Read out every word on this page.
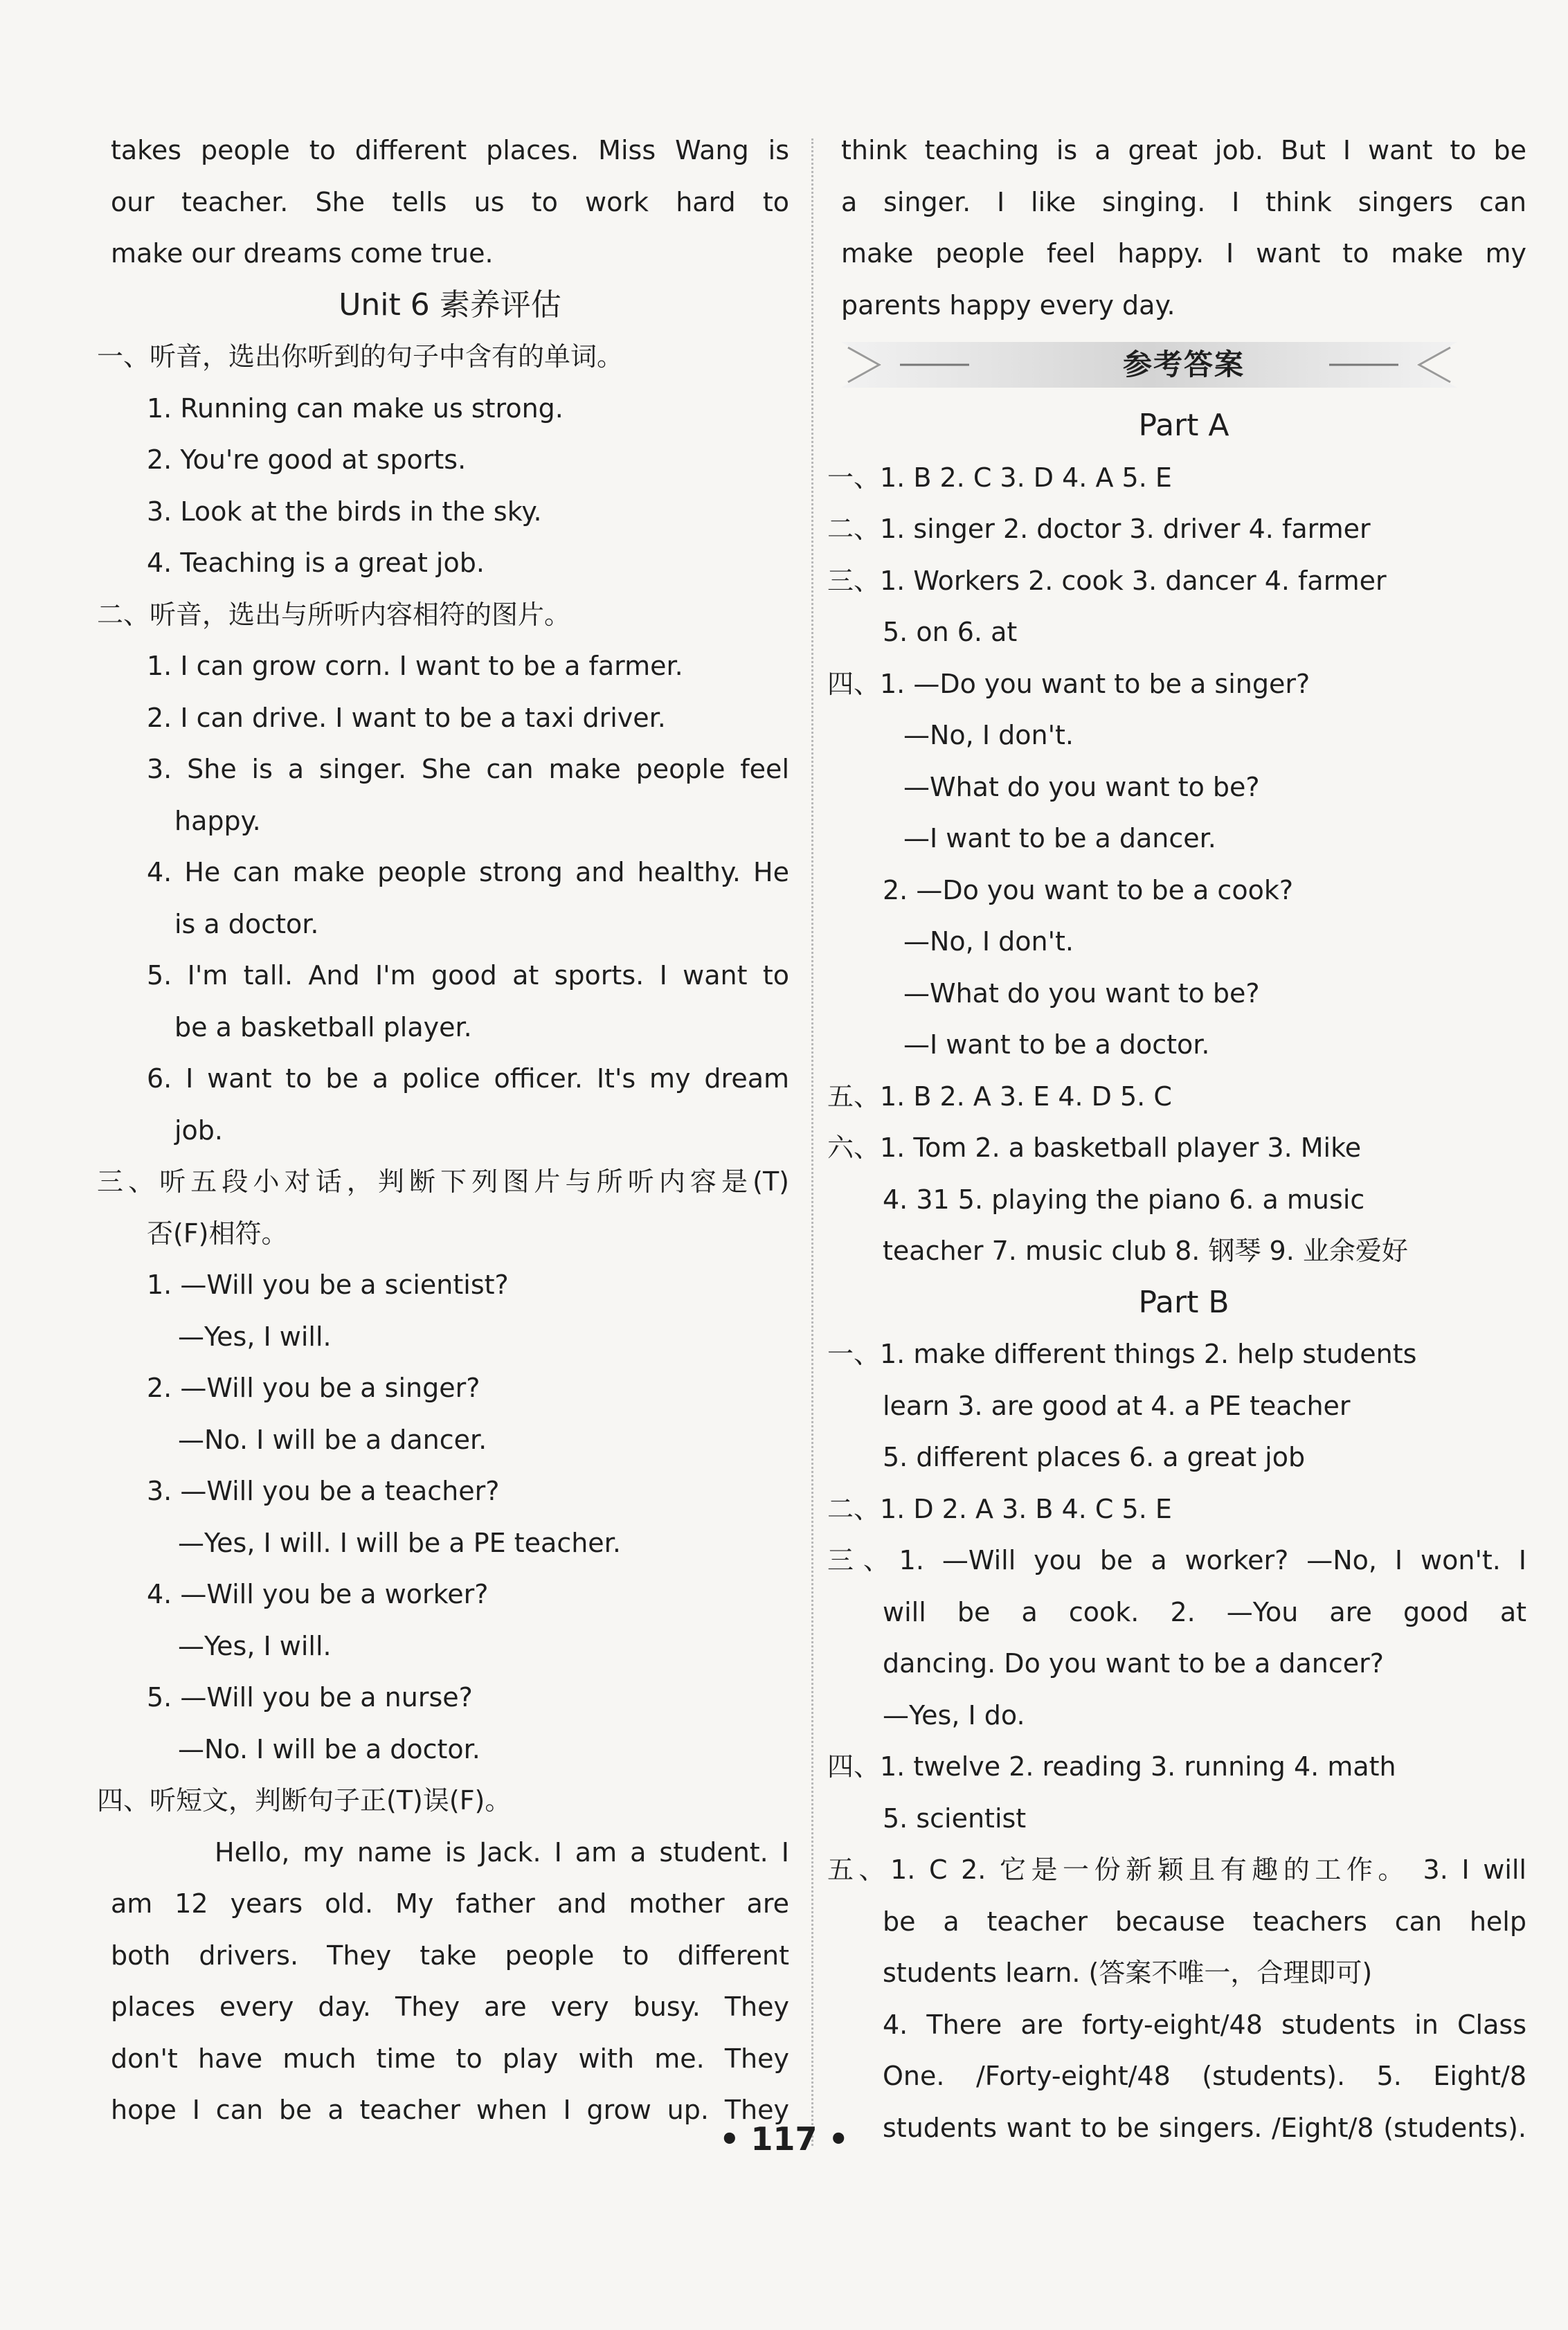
takes people to different places. Miss Wang is
our teacher. She tells us to work hard to
make our dreams come true.
Unit 6 素养评估
一、听音，选出你听到的句子中含有的单词。
1. Running can make us strong.
2. You're good at sports.
3. Look at the birds in the sky.
4. Teaching is a great job.
二、听音，选出与所听内容相符的图片。
1. I can grow corn. I want to be a farmer.
2. I can drive. I want to be a taxi driver.
3. She is a singer. She can make people feel
happy.
4. He can make people strong and healthy. He
is a doctor.
5. I'm tall. And I'm good at sports. I want to
be a basketball player.
6. I want to be a police officer. It's my dream
job.
三、听五段小对话，判断下列图片与所听内容是(T)
否(F)相符。
1. —Will you be a scientist?
—Yes, I will.
2. —Will you be a singer?
—No. I will be a dancer.
3. —Will you be a teacher?
—Yes, I will. I will be a PE teacher.
4. —Will you be a worker?
—Yes, I will.
5. —Will you be a nurse?
—No. I will be a doctor.
四、听短文，判断句子正(T)误(F)。
Hello, my name is Jack. I am a student. I
am 12 years old. My father and mother are
both drivers. They take people to different
places every day. They are very busy. They
don't have much time to play with me. They
hope I can be a teacher when I grow up. They
think teaching is a great job. But I want to be
a singer. I like singing. I think singers can
make people feel happy. I want to make my
parents happy every day.
参考答案
Part A
一、1. B 2. C 3. D 4. A 5. E
二、1. singer 2. doctor 3. driver 4. farmer
三、1. Workers 2. cook 3. dancer 4. farmer
5. on 6. at
四、1. —Do you want to be a singer?
—No, I don't.
—What do you want to be?
—I want to be a dancer.
2. —Do you want to be a cook?
—No, I don't.
—What do you want to be?
—I want to be a doctor.
五、1. B 2. A 3. E 4. D 5. C
六、1. Tom 2. a basketball player 3. Mike
4. 31 5. playing the piano 6. a music
teacher 7. music club 8. 钢琴 9. 业余爱好
Part B
一、1. make different things 2. help students
learn 3. are good at 4. a PE teacher
5. different places 6. a great job
二、1. D 2. A 3. B 4. C 5. E
三、1. —Will you be a worker? —No, I won't. I
will be a cook. 2. —You are good at
dancing. Do you want to be a dancer?
—Yes, I do.
四、1. twelve 2. reading 3. running 4. math
5. scientist
五、1. C 2. 它是一份新颖且有趣的工作。 3. I will
be a teacher because teachers can help
students learn. (答案不唯一，合理即可)
4. There are forty-eight/48 students in Class
One. /Forty-eight/48 (students). 5. Eight/8
students want to be singers. /Eight/8 (students).
• 117 •
